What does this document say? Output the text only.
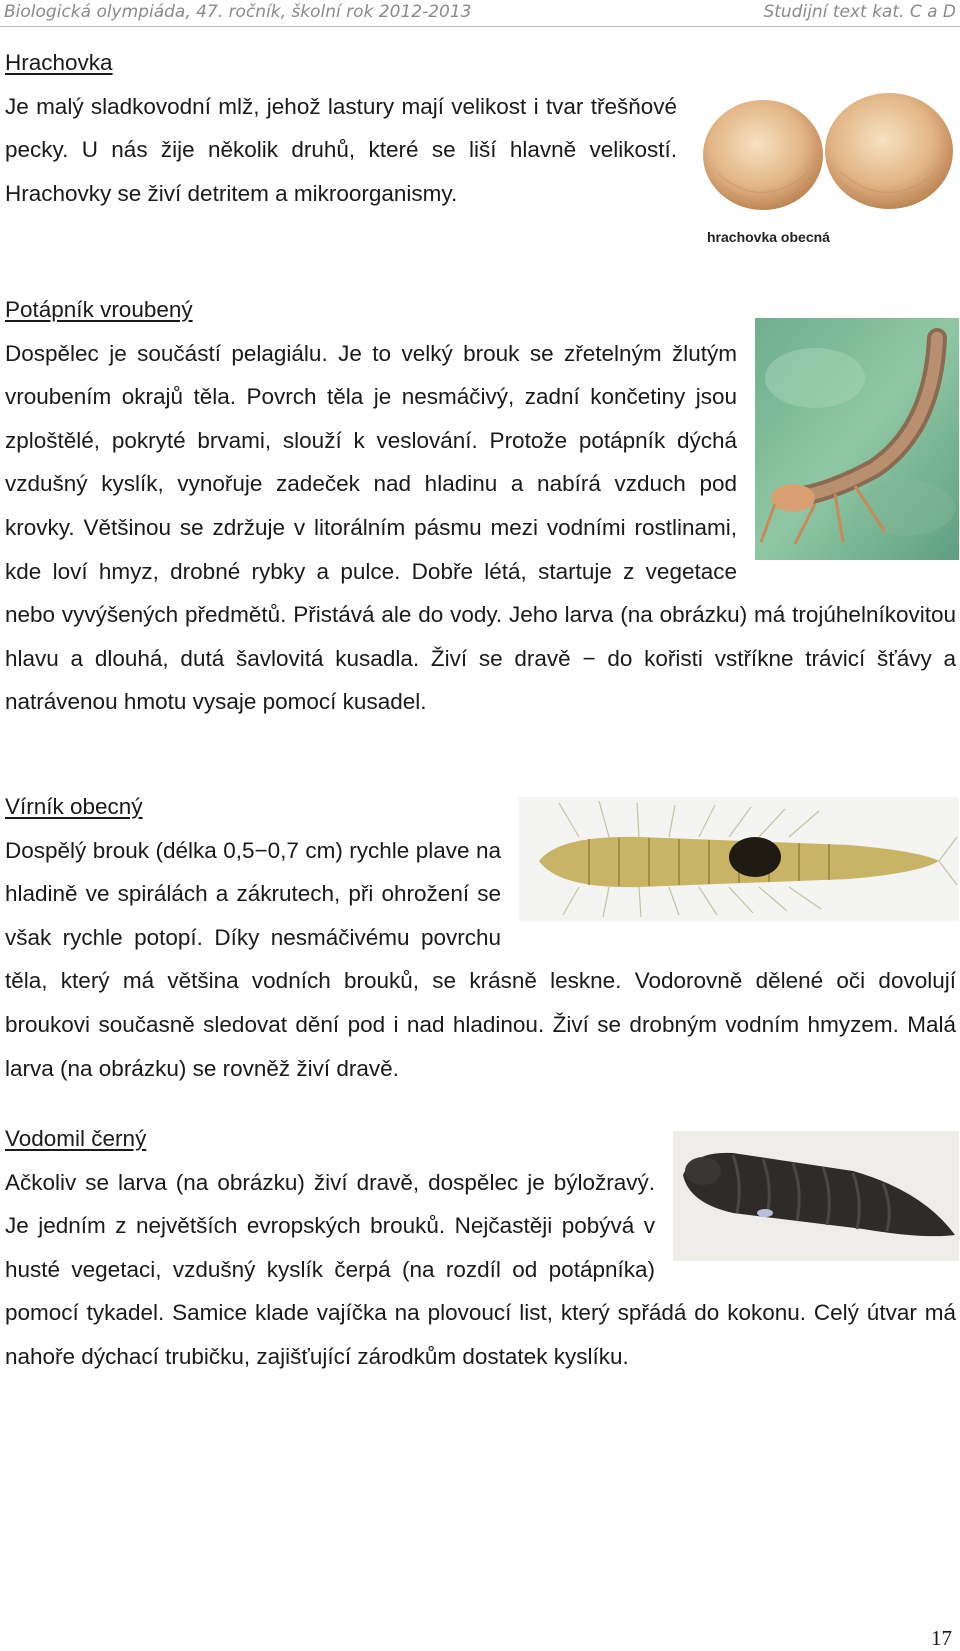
Biologická olympiáda, 47. ročník, školní rok 2012-2013	Studijní text kat. C a D
hrachovka obecná
Hrachovka
Je malý sladkovodní mlž, jehož lastury mají velikost i tvar třešňové pecky. U nás žije několik druhů, které se liší hlavně velikostí. Hrachovky se živí detritem a mikroorganismy.
Potápník vroubený
Dospělec je součástí pelagiálu. Je to velký brouk se zřetelným žlutým vroubením okrajů těla. Povrch těla je nesmáčivý, zadní končetiny jsou zploštělé, pokryté brvami, slouží k veslování. Protože potápník dýchá vzdušný kyslík, vynořuje zadeček nad hladinu a nabírá vzduch pod krovky. Většinou se zdržuje v litorálním pásmu mezi vodními rostlinami, kde loví hmyz, drobné rybky a pulce. Dobře létá, startuje z vegetace nebo vyvýšených předmětů. Přistává ale do vody. Jeho larva (na obrázku) má trojúhelníkovitou hlavu a dlouhá, dutá šavlovitá kusadla. Živí se dravě − do kořisti vstříkne trávicí šťávy a natrávenou hmotu vysaje pomocí kusadel.
Vírník obecný
Dospělý brouk (délka 0,5−0,7 cm) rychle plave na hladině ve spirálách a zákrutech, při ohrožení se však rychle potopí. Díky nesmáčivému povrchu těla, který má většina vodních brouků, se krásně leskne. Vodorovně dělené oči dovolují broukovi současně sledovat dění pod i nad hladinou. Živí se drobným vodním hmyzem. Malá larva (na obrázku) se rovněž živí dravě.
Vodomil černý
Ačkoliv se larva (na obrázku) živí dravě, dospělec je býložravý. Je jedním z největších evropských brouků. Nejčastěji pobývá v husté vegetaci, vzdušný kyslík čerpá (na rozdíl od potápníka) pomocí tykadel. Samice klade vajíčka na plovoucí list, který spřádá do kokonu. Celý útvar má nahoře dýchací trubičku, zajišťující zárodkům dostatek kyslíku.
17
